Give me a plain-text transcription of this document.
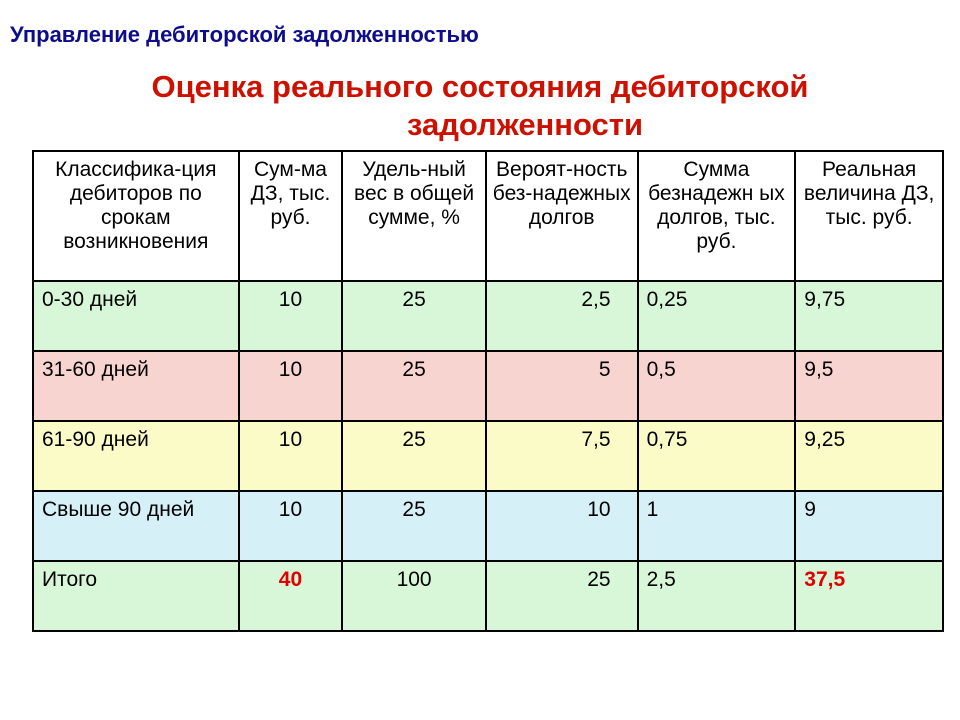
Управление дебиторской задолженностью
Оценка реального состояния дебиторской
задолженности
Классифика-ция дебиторов по срокам возникновения	Сум-ма ДЗ, тыс. руб.	Удель-ный вес в общей сумме, %	Вероят-ность без-надежных долгов	Сумма безнадежн ых долгов, тыс. руб.	Реальная величина ДЗ, тыс. руб.
0-30 дней	10	25	2,5	0,25	9,75
31-60 дней	10	25	5	0,5	9,5
61-90 дней	10	25	7,5	0,75	9,25
Свыше 90 дней	10	25	10	1	9
Итого	40	100	25	2,5	37,5
